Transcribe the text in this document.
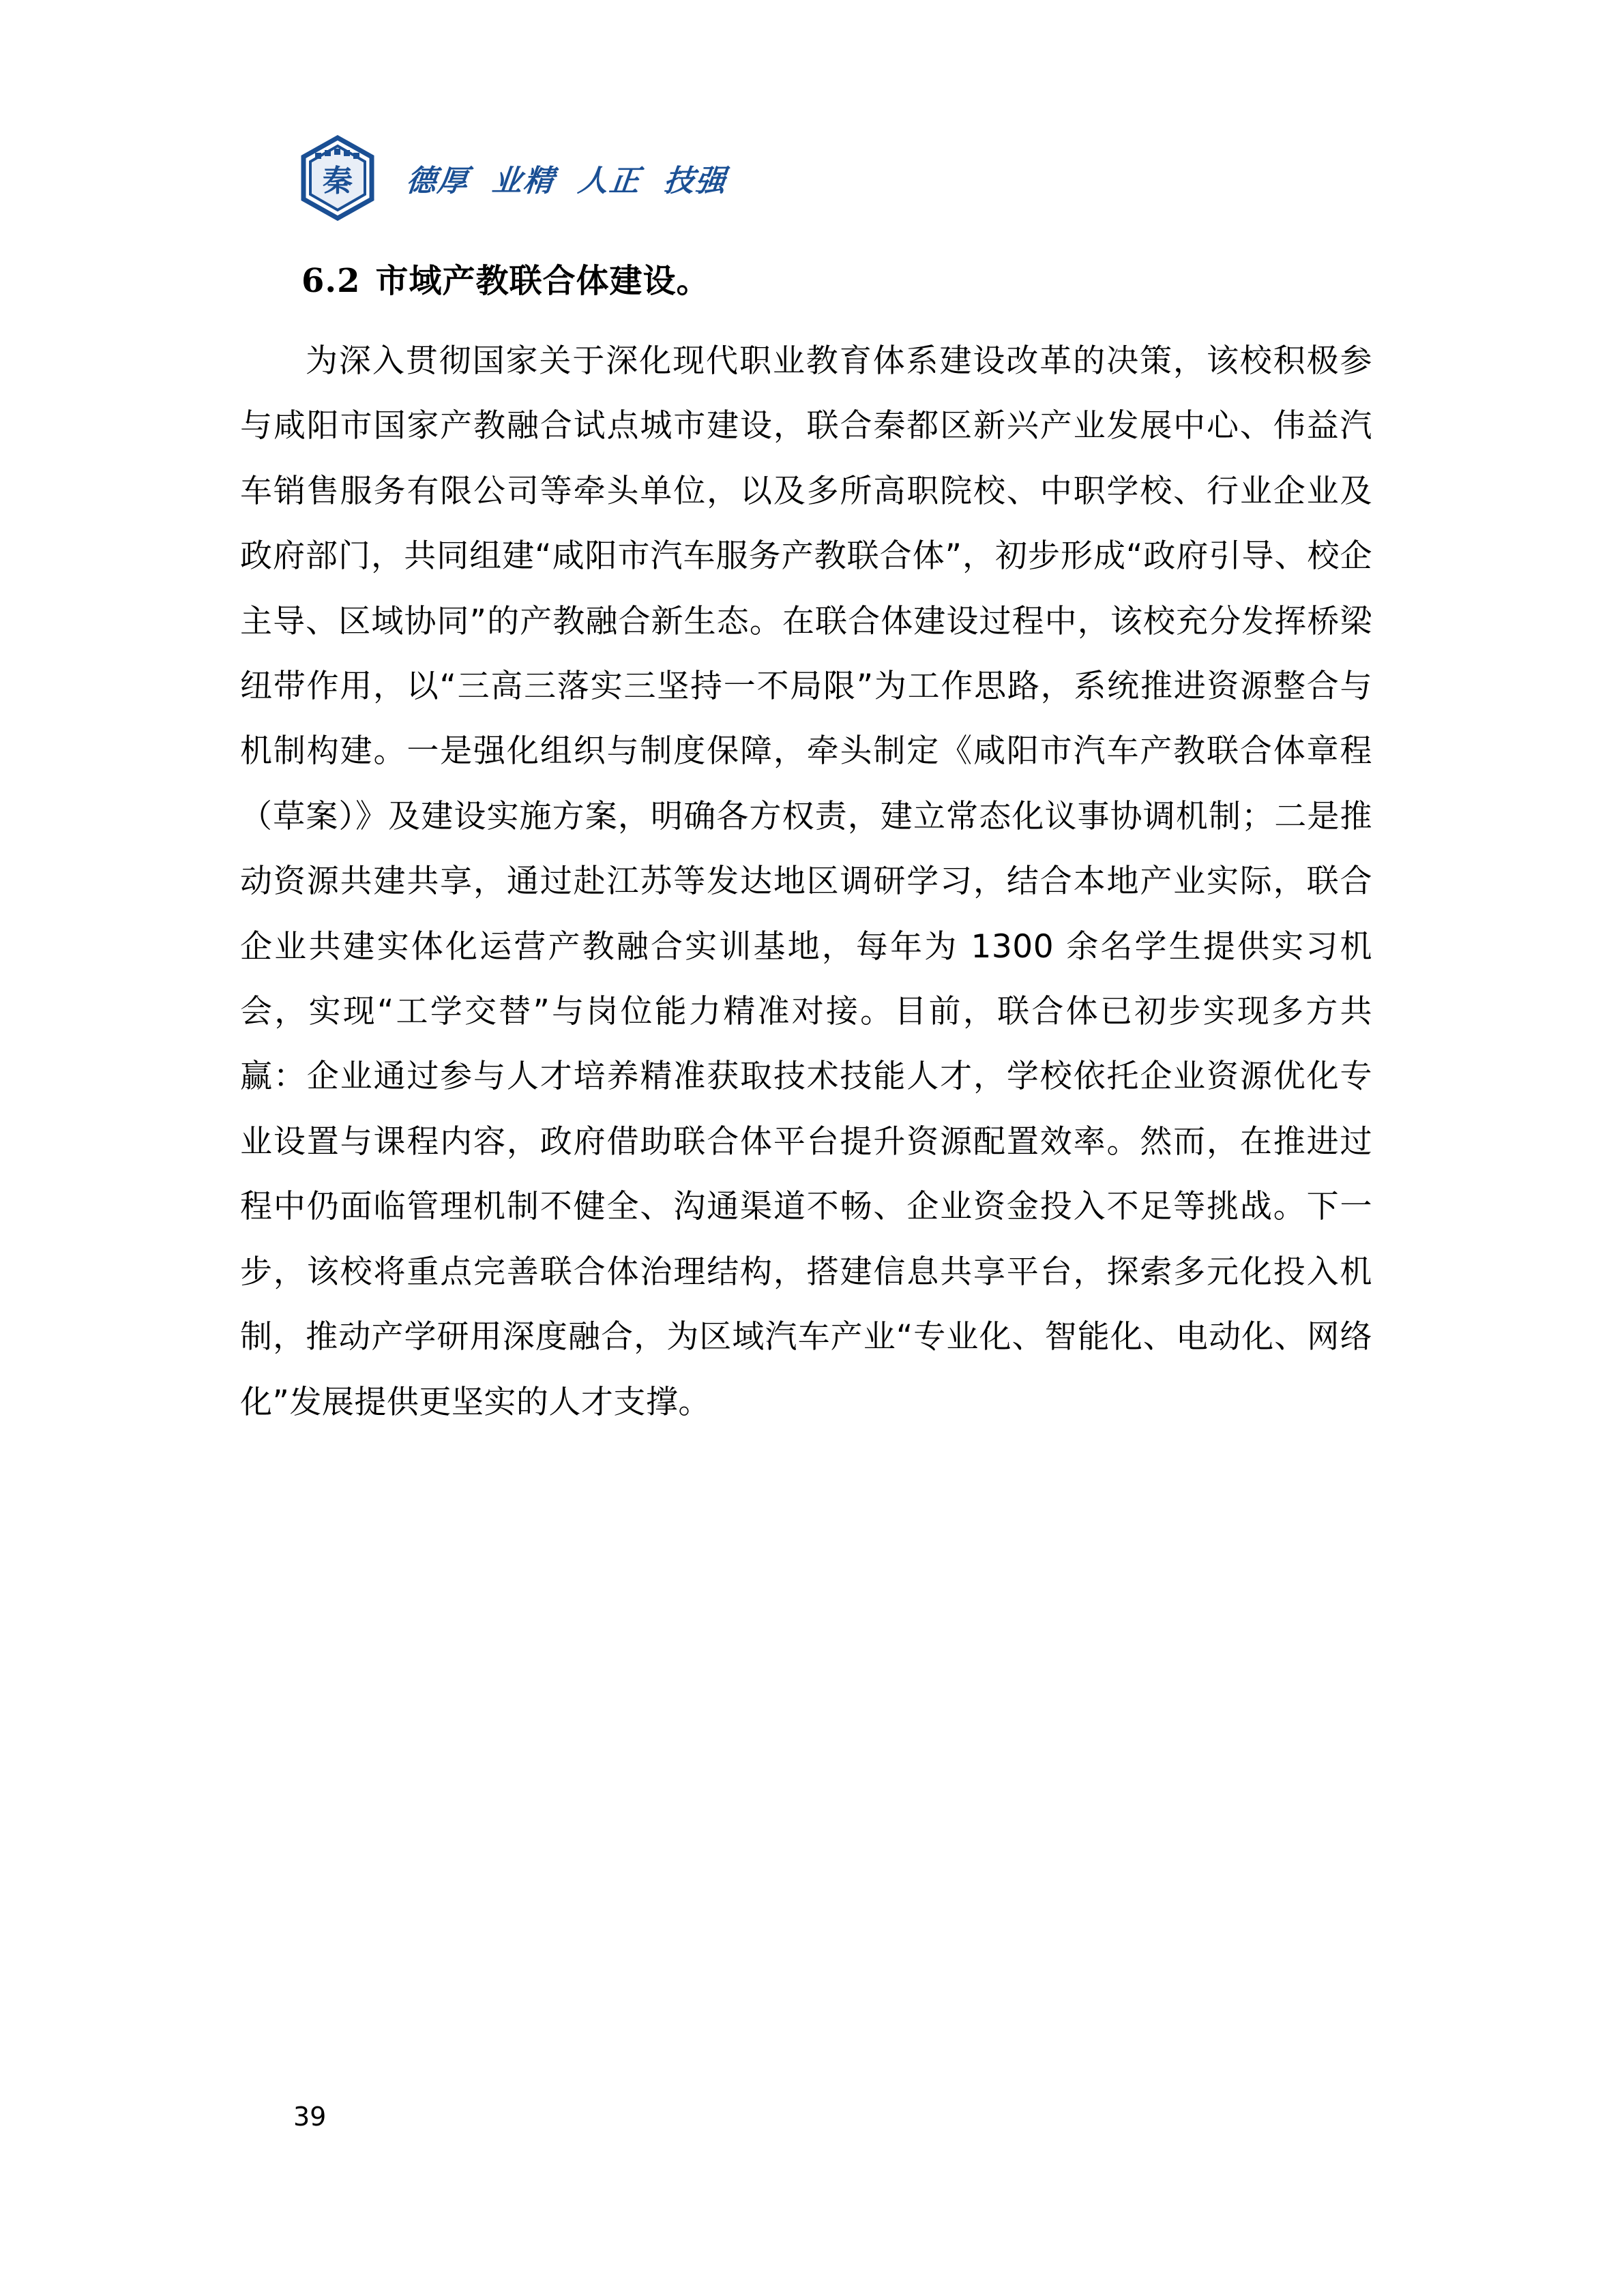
秦 德厚 业精 人正 技强
6.2 市域产教联合体建设。

为深入贯彻国家关于深化现代职业教育体系建设改革的决策，该校积极参与咸阳市国家产教融合试点城市建设，联合秦都区新兴产业发展中心、伟益汽车销售服务有限公司等牵头单位，以及多所高职院校、中职学校、行业企业及政府部门，共同组建“咸阳市汽车服务产教联合体”，初步形成“政府引导、校企主导、区域协同”的产教融合新生态。在联合体建设过程中，该校充分发挥桥梁纽带作用，以“三高三落实三坚持一不局限”为工作思路，系统推进资源整合与机制构建。一是强化组织与制度保障，牵头制定《咸阳市汽车产教联合体章程（草案）》及建设实施方案，明确各方权责，建立常态化议事协调机制；二是推动资源共建共享，通过赴江苏等发达地区调研学习，结合本地产业实际，联合企业共建实体化运营产教融合实训基地，每年为 1300 余名学生提供实习机会，实现“工学交替”与岗位能力精准对接。目前，联合体已初步实现多方共赢：企业通过参与人才培养精准获取技术技能人才，学校依托企业资源优化专业设置与课程内容，政府借助联合体平台提升资源配置效率。然而，在推进过程中仍面临管理机制不健全、沟通渠道不畅、企业资金投入不足等挑战。下一步，该校将重点完善联合体治理结构，搭建信息共享平台，探索多元化投入机制，推动产学研用深度融合，为区域汽车产业“专业化、智能化、电动化、网络化”发展提供更坚实的人才支撑。

39
